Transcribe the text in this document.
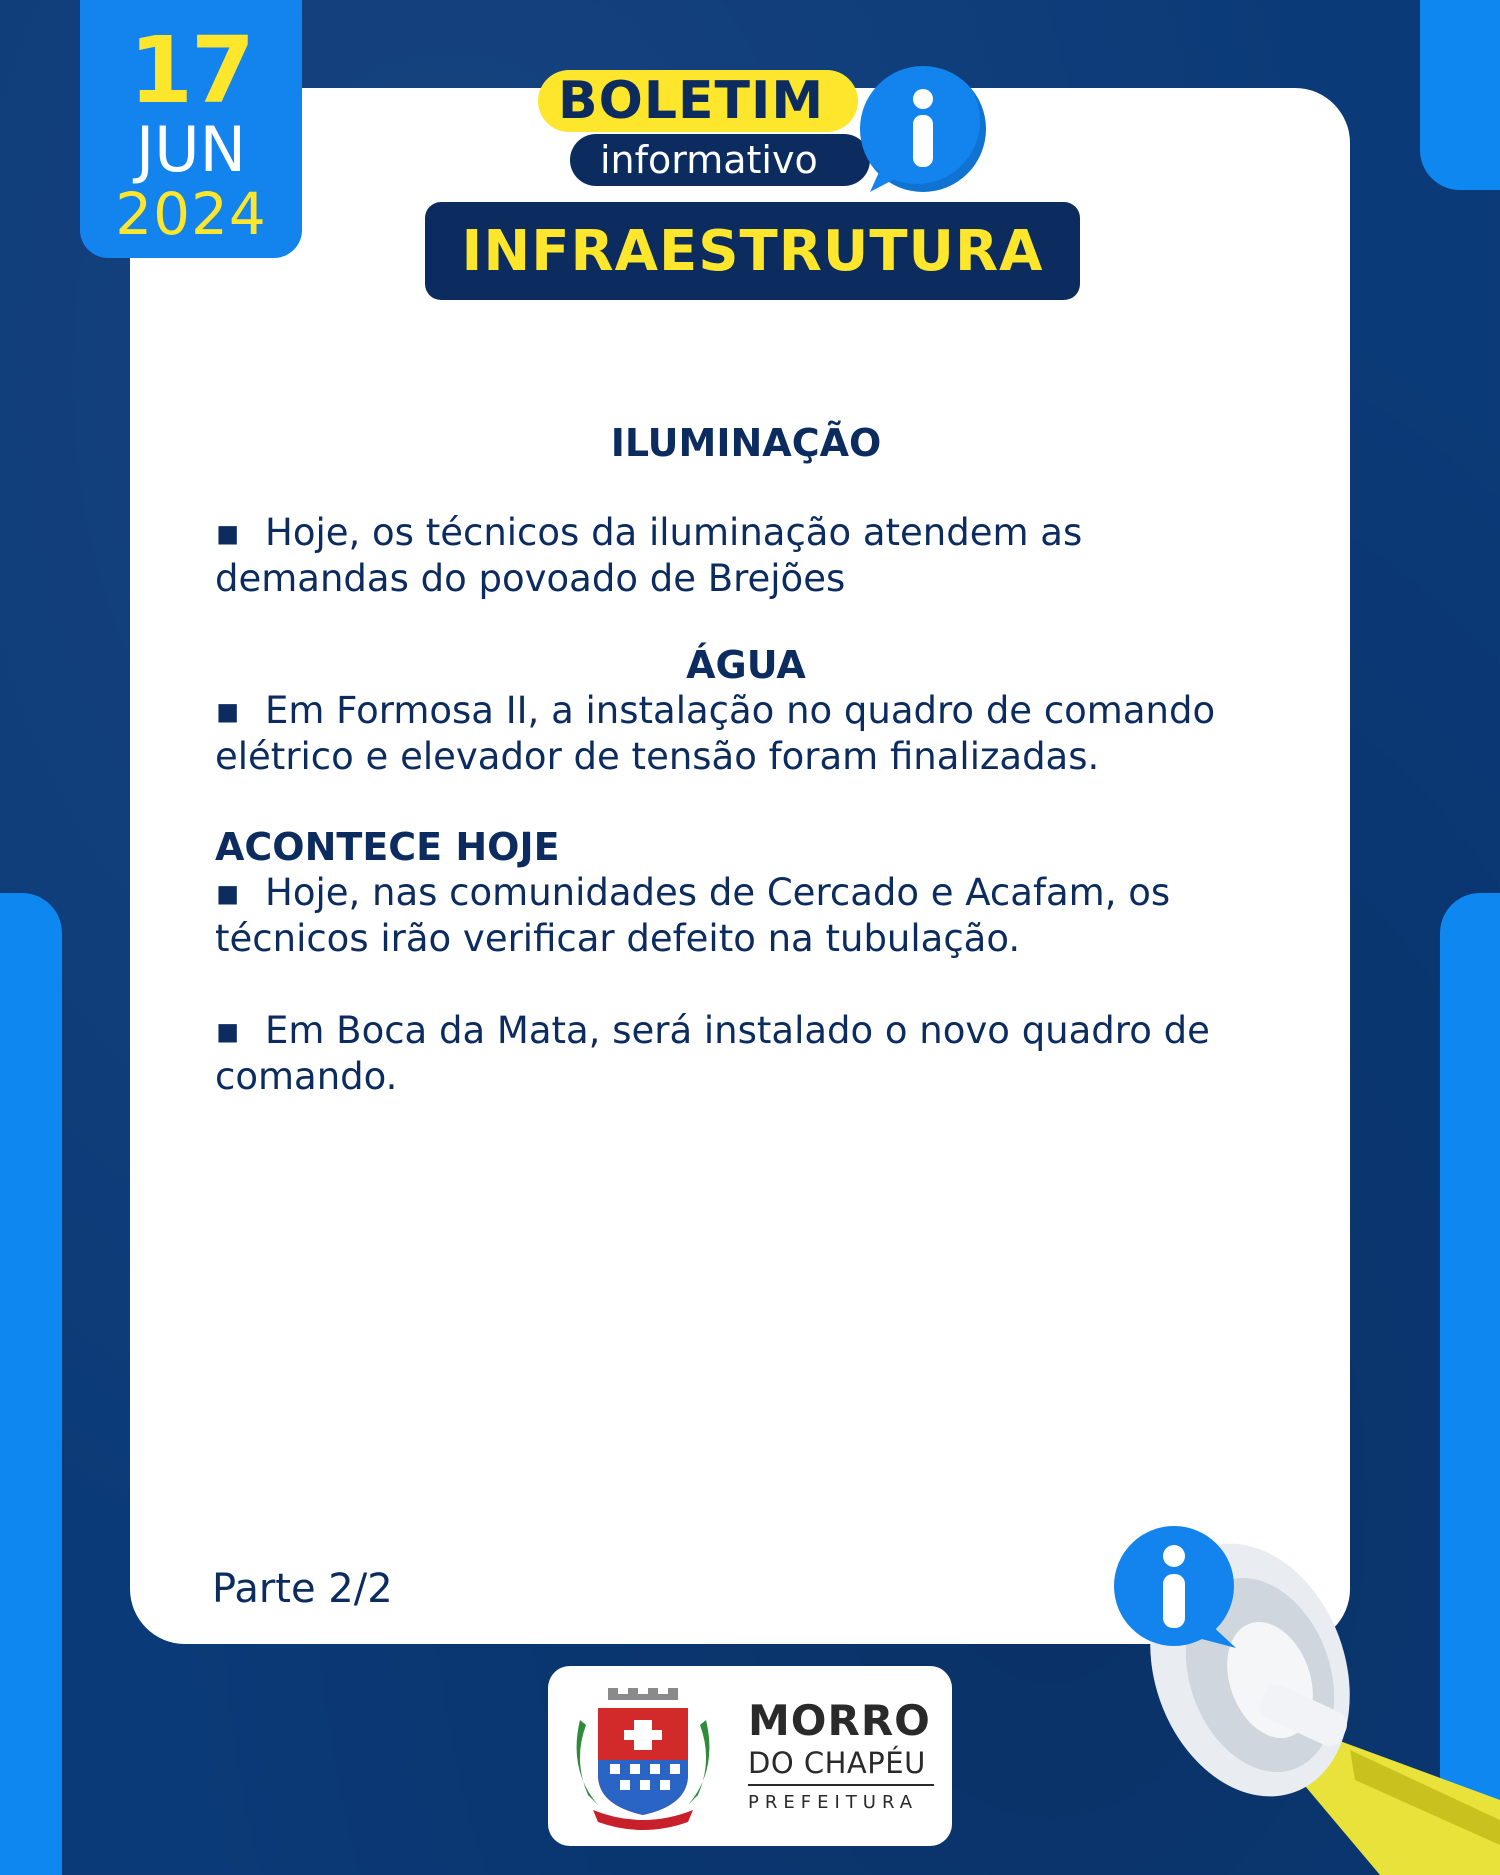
17
JUN
2024
BOLETIM
informativo
INFRAESTRUTURA
ILUMINAÇÃO
▪ Hoje, os técnicos da iluminação atendem as demandas do povoado de Brejões
ÁGUA
▪ Em Formosa II, a instalação no quadro de comando elétrico e elevador de tensão foram finalizadas.
ACONTECE HOJE
▪ Hoje, nas comunidades de Cercado e Acafam, os técnicos irão verificar defeito na tubulação.
▪ Em Boca da Mata, será instalado o novo quadro de comando.
Parte 2/2
MORRO
DO CHAPÉU
PREFEITURA
